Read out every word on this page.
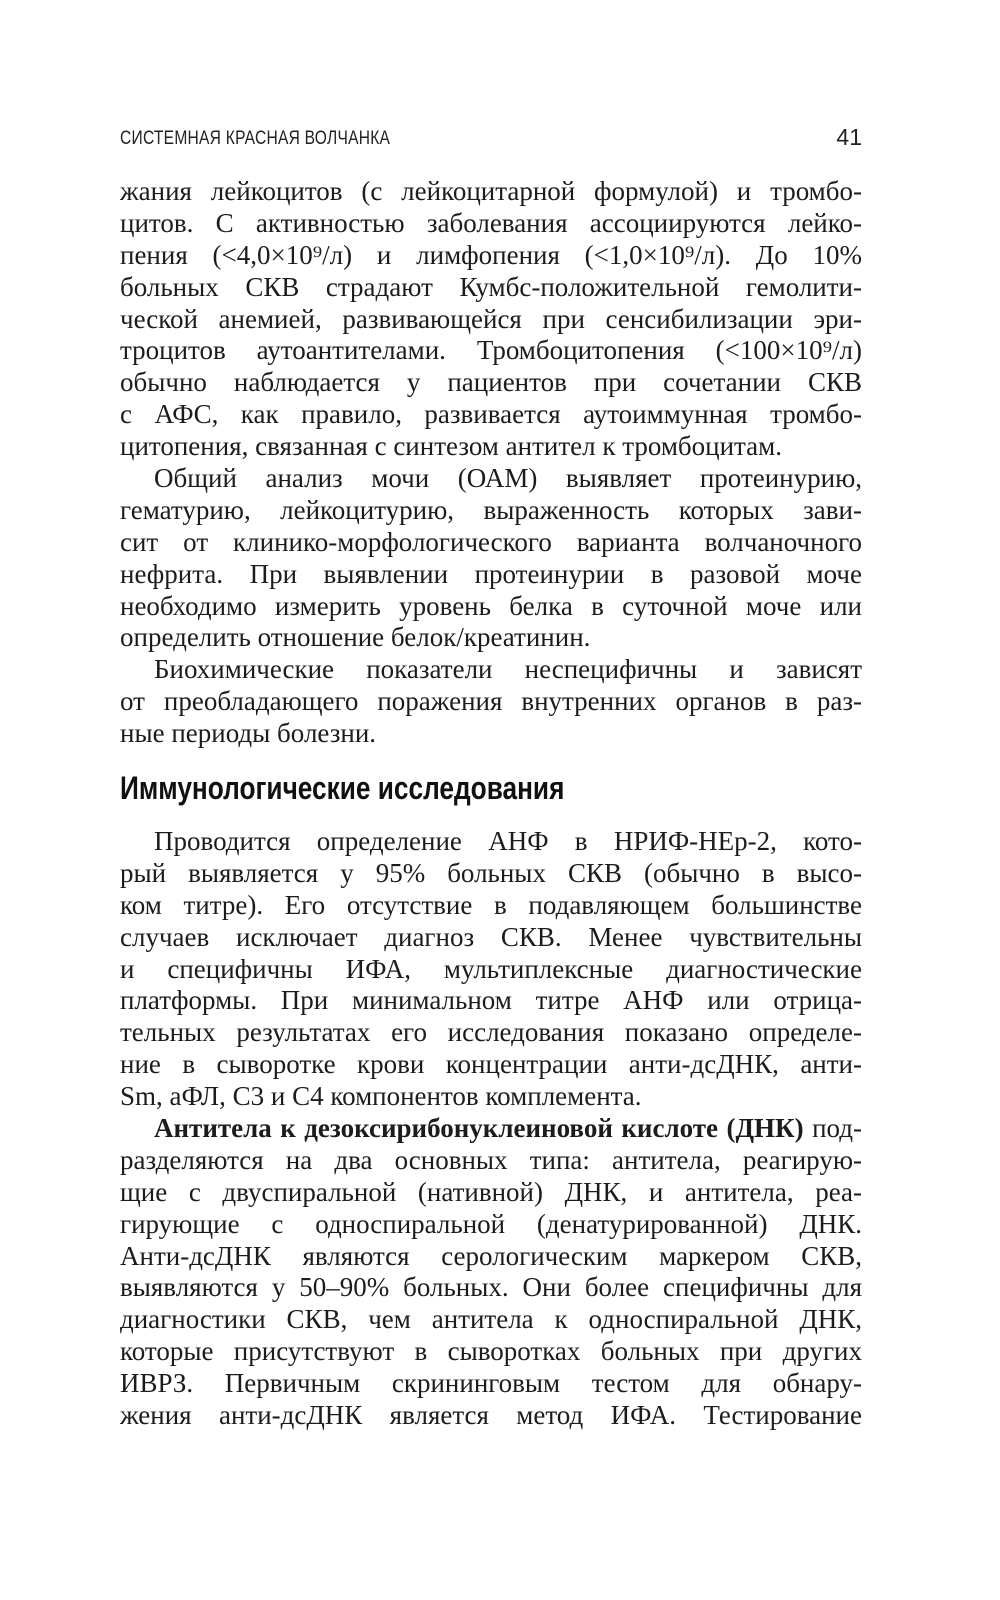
СИСТЕМНАЯ КРАСНАЯ ВОЛЧАНКА	41
жания лейкоцитов (с лейкоцитарной формулой) и тромбо-
цитов. С активностью заболевания ассоциируются лейко-
пения (<4,0×10⁹/л) и лимфопения (<1,0×10⁹/л). До 10%
больных СКВ страдают Кумбс-положительной гемолити-
ческой анемией, развивающейся при сенсибилизации эри-
троцитов аутоантителами. Тромбоцитопения (<100×10⁹/л)
обычно наблюдается у пациентов при сочетании СКВ
с АФС, как правило, развивается аутоиммунная тромбо-
цитопения, связанная с синтезом антител к тромбоцитам.
Общий анализ мочи (ОАМ) выявляет протеинурию,
гематурию, лейкоцитурию, выраженность которых зави-
сит от клинико-морфологического варианта волчаночного
нефрита. При выявлении протеинурии в разовой моче
необходимо измерить уровень белка в суточной моче или
определить отношение белок/креатинин.
Биохимические показатели неспецифичны и зависят
от преобладающего поражения внутренних органов в раз-
ные периоды болезни.
Иммунологические исследования
Проводится определение АНФ в НРИФ-НЕр-2, кото-
рый выявляется у 95% больных СКВ (обычно в высо-
ком титре). Его отсутствие в подавляющем большинстве
случаев исключает диагноз СКВ. Менее чувствительны
и специфичны ИФА, мультиплексные диагностические
платформы. При минимальном титре АНФ или отрица-
тельных результатах его исследования показано определе-
ние в сыворотке крови концентрации анти-дсДНК, анти-
Sm, аФЛ, С3 и С4 компонентов комплемента.
Антитела к дезоксирибонуклеиновой кислоте (ДНК) под-
разделяются на два основных типа: антитела, реагирую-
щие с двуспиральной (нативной) ДНК, и антитела, реа-
гирующие с односпиральной (денатурированной) ДНК.
Анти-дсДНК являются серологическим маркером СКВ,
выявляются у 50–90% больных. Они более специфичны для
диагностики СКВ, чем антитела к односпиральной ДНК,
которые присутствуют в сыворотках больных при других
ИВРЗ. Первичным скрининговым тестом для обнару-
жения анти-дсДНК является метод ИФА. Тестирование
